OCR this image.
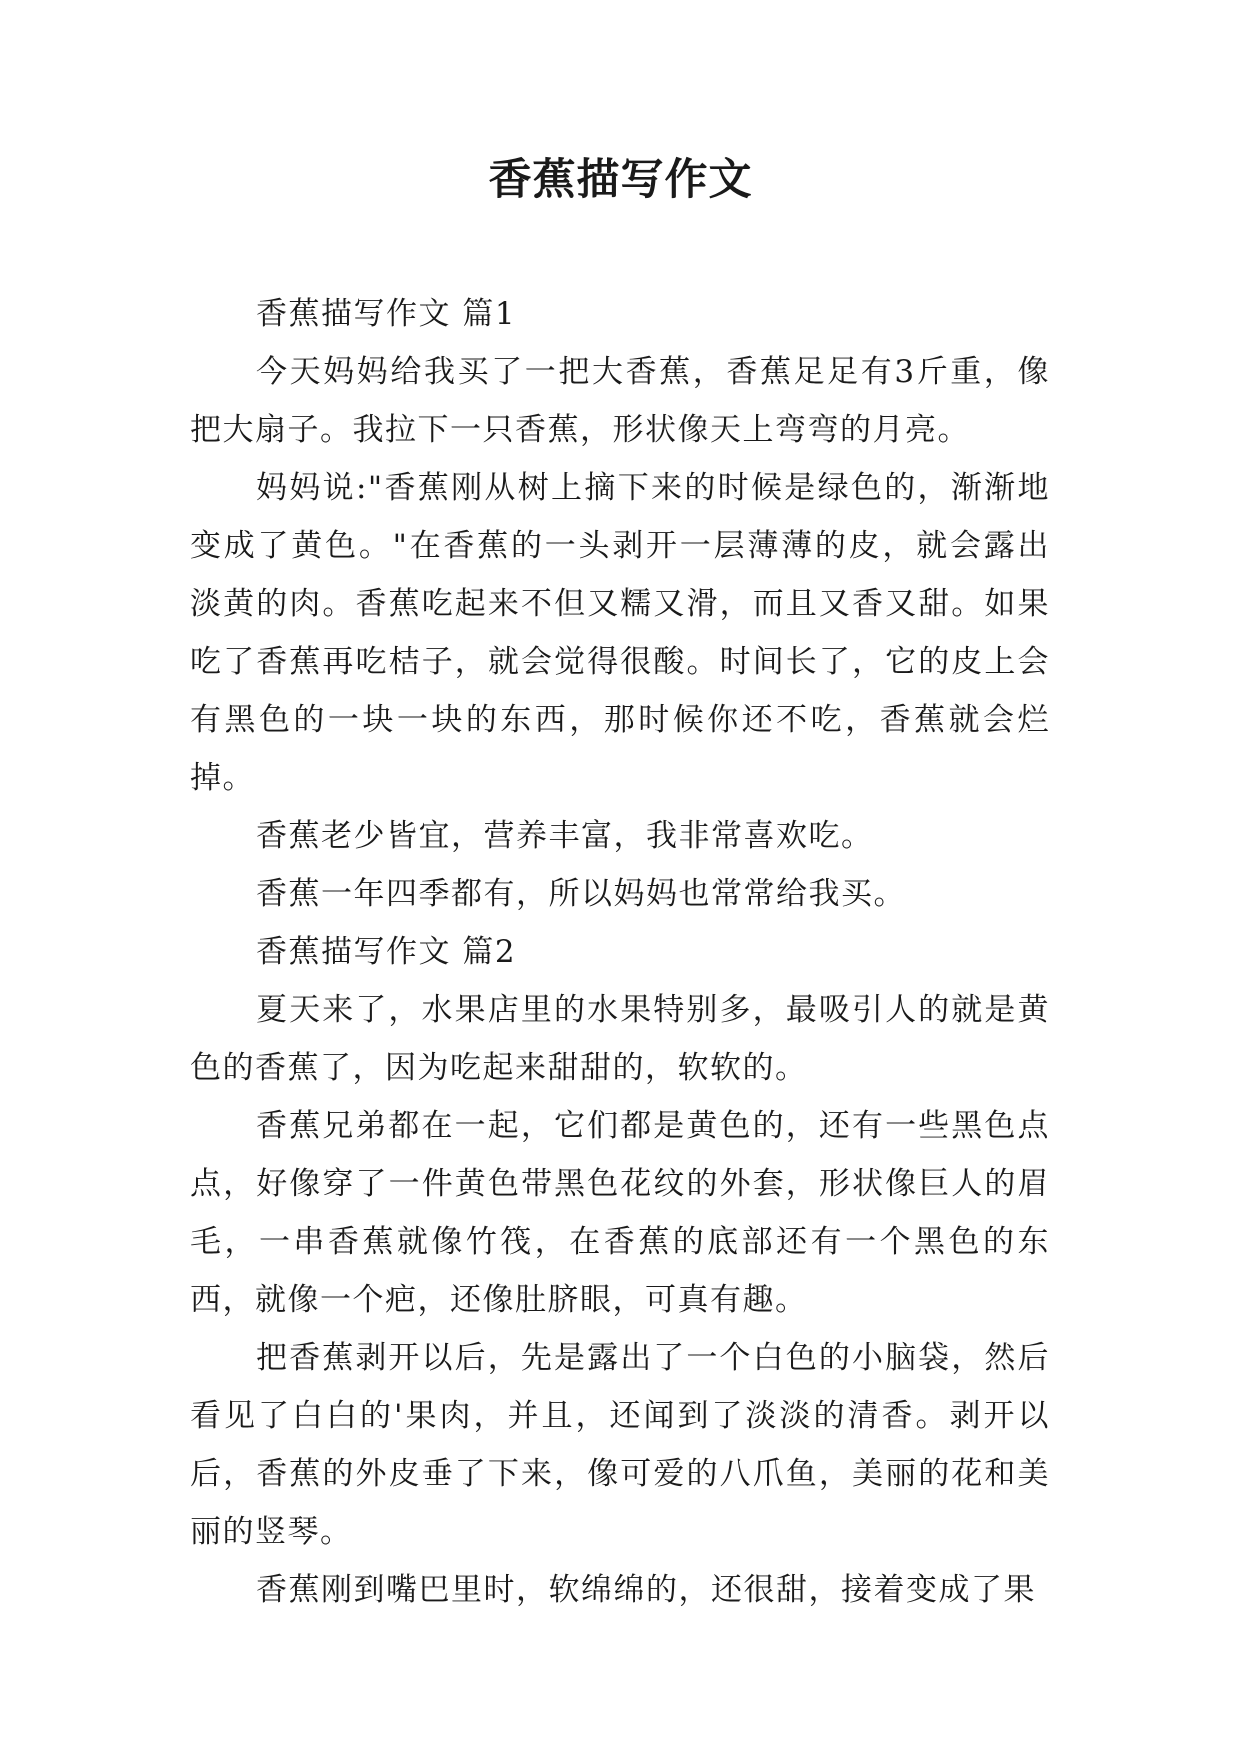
香蕉描写作文

香蕉描写作文 篇1

今天妈妈给我买了一把大香蕉，香蕉足足有3斤重，像把大扇子。我拉下一只香蕉，形状像天上弯弯的月亮。

妈妈说:"香蕉刚从树上摘下来的时候是绿色的，渐渐地变成了黄色。"在香蕉的一头剥开一层薄薄的皮，就会露出淡黄的肉。香蕉吃起来不但又糯又滑，而且又香又甜。如果吃了香蕉再吃桔子，就会觉得很酸。时间长了，它的皮上会有黑色的一块一块的东西，那时候你还不吃，香蕉就会烂掉。

香蕉老少皆宜，营养丰富，我非常喜欢吃。

香蕉一年四季都有，所以妈妈也常常给我买。

香蕉描写作文 篇2

夏天来了，水果店里的水果特别多，最吸引人的就是黄色的香蕉了，因为吃起来甜甜的，软软的。

香蕉兄弟都在一起，它们都是黄色的，还有一些黑色点点，好像穿了一件黄色带黑色花纹的外套，形状像巨人的眉毛，一串香蕉就像竹筏，在香蕉的底部还有一个黑色的东西，就像一个疤，还像肚脐眼，可真有趣。

把香蕉剥开以后，先是露出了一个白色的小脑袋，然后看见了白白的'果肉，并且，还闻到了淡淡的清香。剥开以后，香蕉的外皮垂了下来，像可爱的八爪鱼，美丽的花和美丽的竖琴。

香蕉刚到嘴巴里时，软绵绵的，还很甜，接着变成了果
